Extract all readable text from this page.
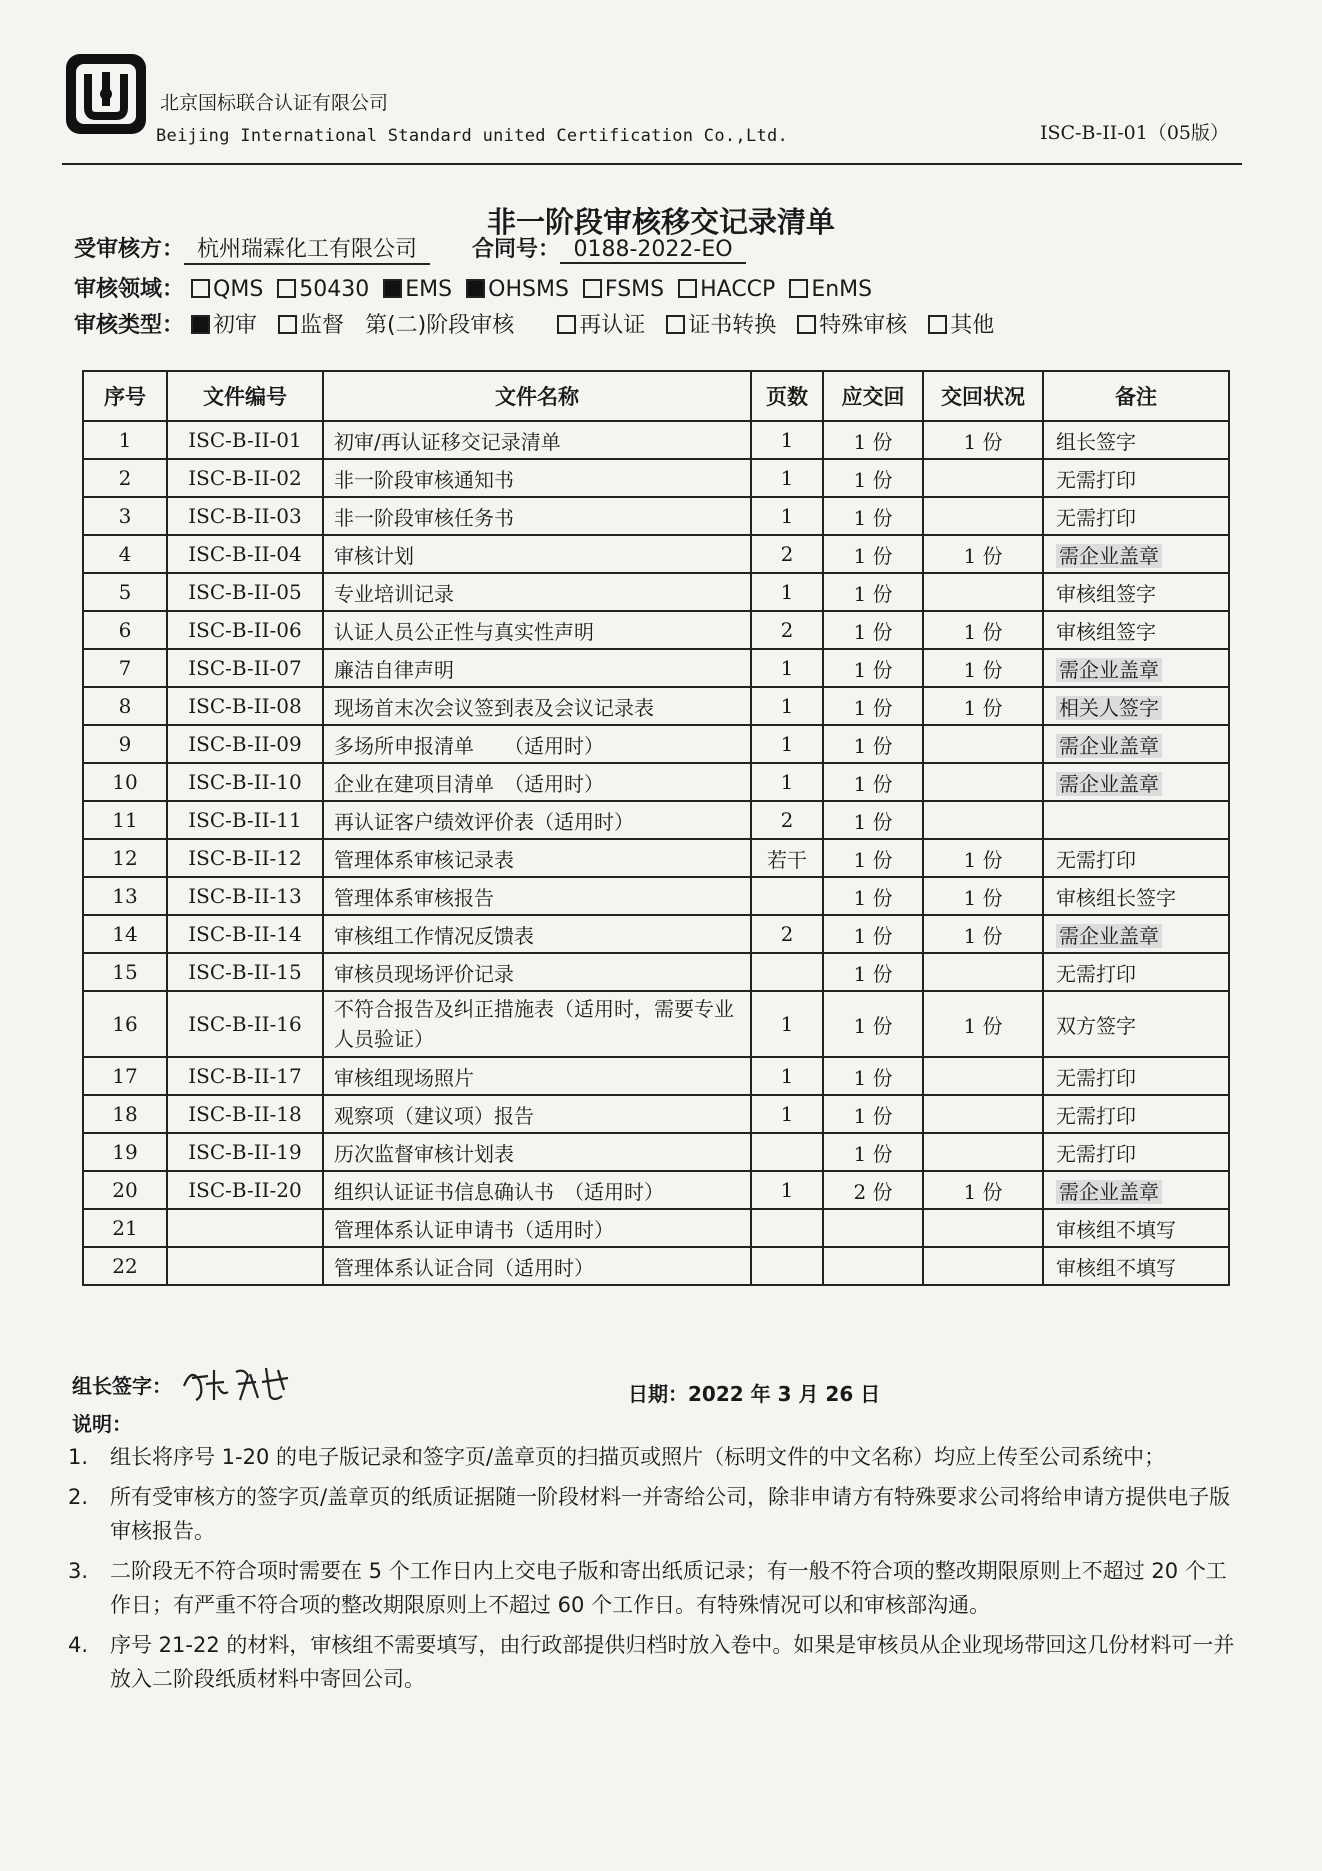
北京国标联合认证有限公司
Beijing International Standard united Certification Co.,Ltd.	ISC-B-II-01（05版）
非一阶段审核移交记录清单
受审核方： 杭州瑞霖化工有限公司	合同号： 0188-2022-EO
审核领域： QMS 50430 EMS OHSMS FSMS HACCP EnMS
审核类型： 初审 监督 第(二)阶段审核	再认证 证书转换 特殊审核 其他
序号	文件编号	文件名称	页数	应交回	交回状况	备注
1	ISC-B-II-01	初审/再认证移交记录清单	1	1 份	1 份	组长签字
2	ISC-B-II-02	非一阶段审核通知书	1	1 份		无需打印
3	ISC-B-II-03	非一阶段审核任务书	1	1 份		无需打印
4	ISC-B-II-04	审核计划	2	1 份	1 份	需企业盖章
5	ISC-B-II-05	专业培训记录	1	1 份		审核组签字
6	ISC-B-II-06	认证人员公正性与真实性声明	2	1 份	1 份	审核组签字
7	ISC-B-II-07	廉洁自律声明	1	1 份	1 份	需企业盖章
8	ISC-B-II-08	现场首末次会议签到表及会议记录表	1	1 份	1 份	相关人签字
9	ISC-B-II-09	多场所申报清单　　（适用时）	1	1 份		需企业盖章
10	ISC-B-II-10	企业在建项目清单　（适用时）	1	1 份		需企业盖章
11	ISC-B-II-11	再认证客户绩效评价表（适用时）	2	1 份		
12	ISC-B-II-12	管理体系审核记录表	若干	1 份	1 份	无需打印
13	ISC-B-II-13	管理体系审核报告		1 份	1 份	审核组长签字
14	ISC-B-II-14	审核组工作情况反馈表	2	1 份	1 份	需企业盖章
15	ISC-B-II-15	审核员现场评价记录		1 份		无需打印
16	ISC-B-II-16	不符合报告及纠正措施表（适用时，需要专业人员验证）	1	1 份	1 份	双方签字
17	ISC-B-II-17	审核组现场照片	1	1 份		无需打印
18	ISC-B-II-18	观察项（建议项）报告	1	1 份		无需打印
19	ISC-B-II-19	历次监督审核计划表		1 份		无需打印
20	ISC-B-II-20	组织认证证书信息确认书　（适用时）	1	2 份	1 份	需企业盖章
21		管理体系认证申请书（适用时）				审核组不填写
22		管理体系认证合同（适用时）				审核组不填写
组长签字：	日期：2022 年 3 月 26 日
说明：
1. 组长将序号 1-20 的电子版记录和签字页/盖章页的扫描页或照片（标明文件的中文名称）均应上传至公司系统中；
2. 所有受审核方的签字页/盖章页的纸质证据随一阶段材料一并寄给公司，除非申请方有特殊要求公司将给申请方提供电子版审核报告。
3. 二阶段无不符合项时需要在 5 个工作日内上交电子版和寄出纸质记录；有一般不符合项的整改期限原则上不超过 20 个工作日；有严重不符合项的整改期限原则上不超过 60 个工作日。有特殊情况可以和审核部沟通。
4. 序号 21-22 的材料，审核组不需要填写，由行政部提供归档时放入卷中。如果是审核员从企业现场带回这几份材料可一并放入二阶段纸质材料中寄回公司。
